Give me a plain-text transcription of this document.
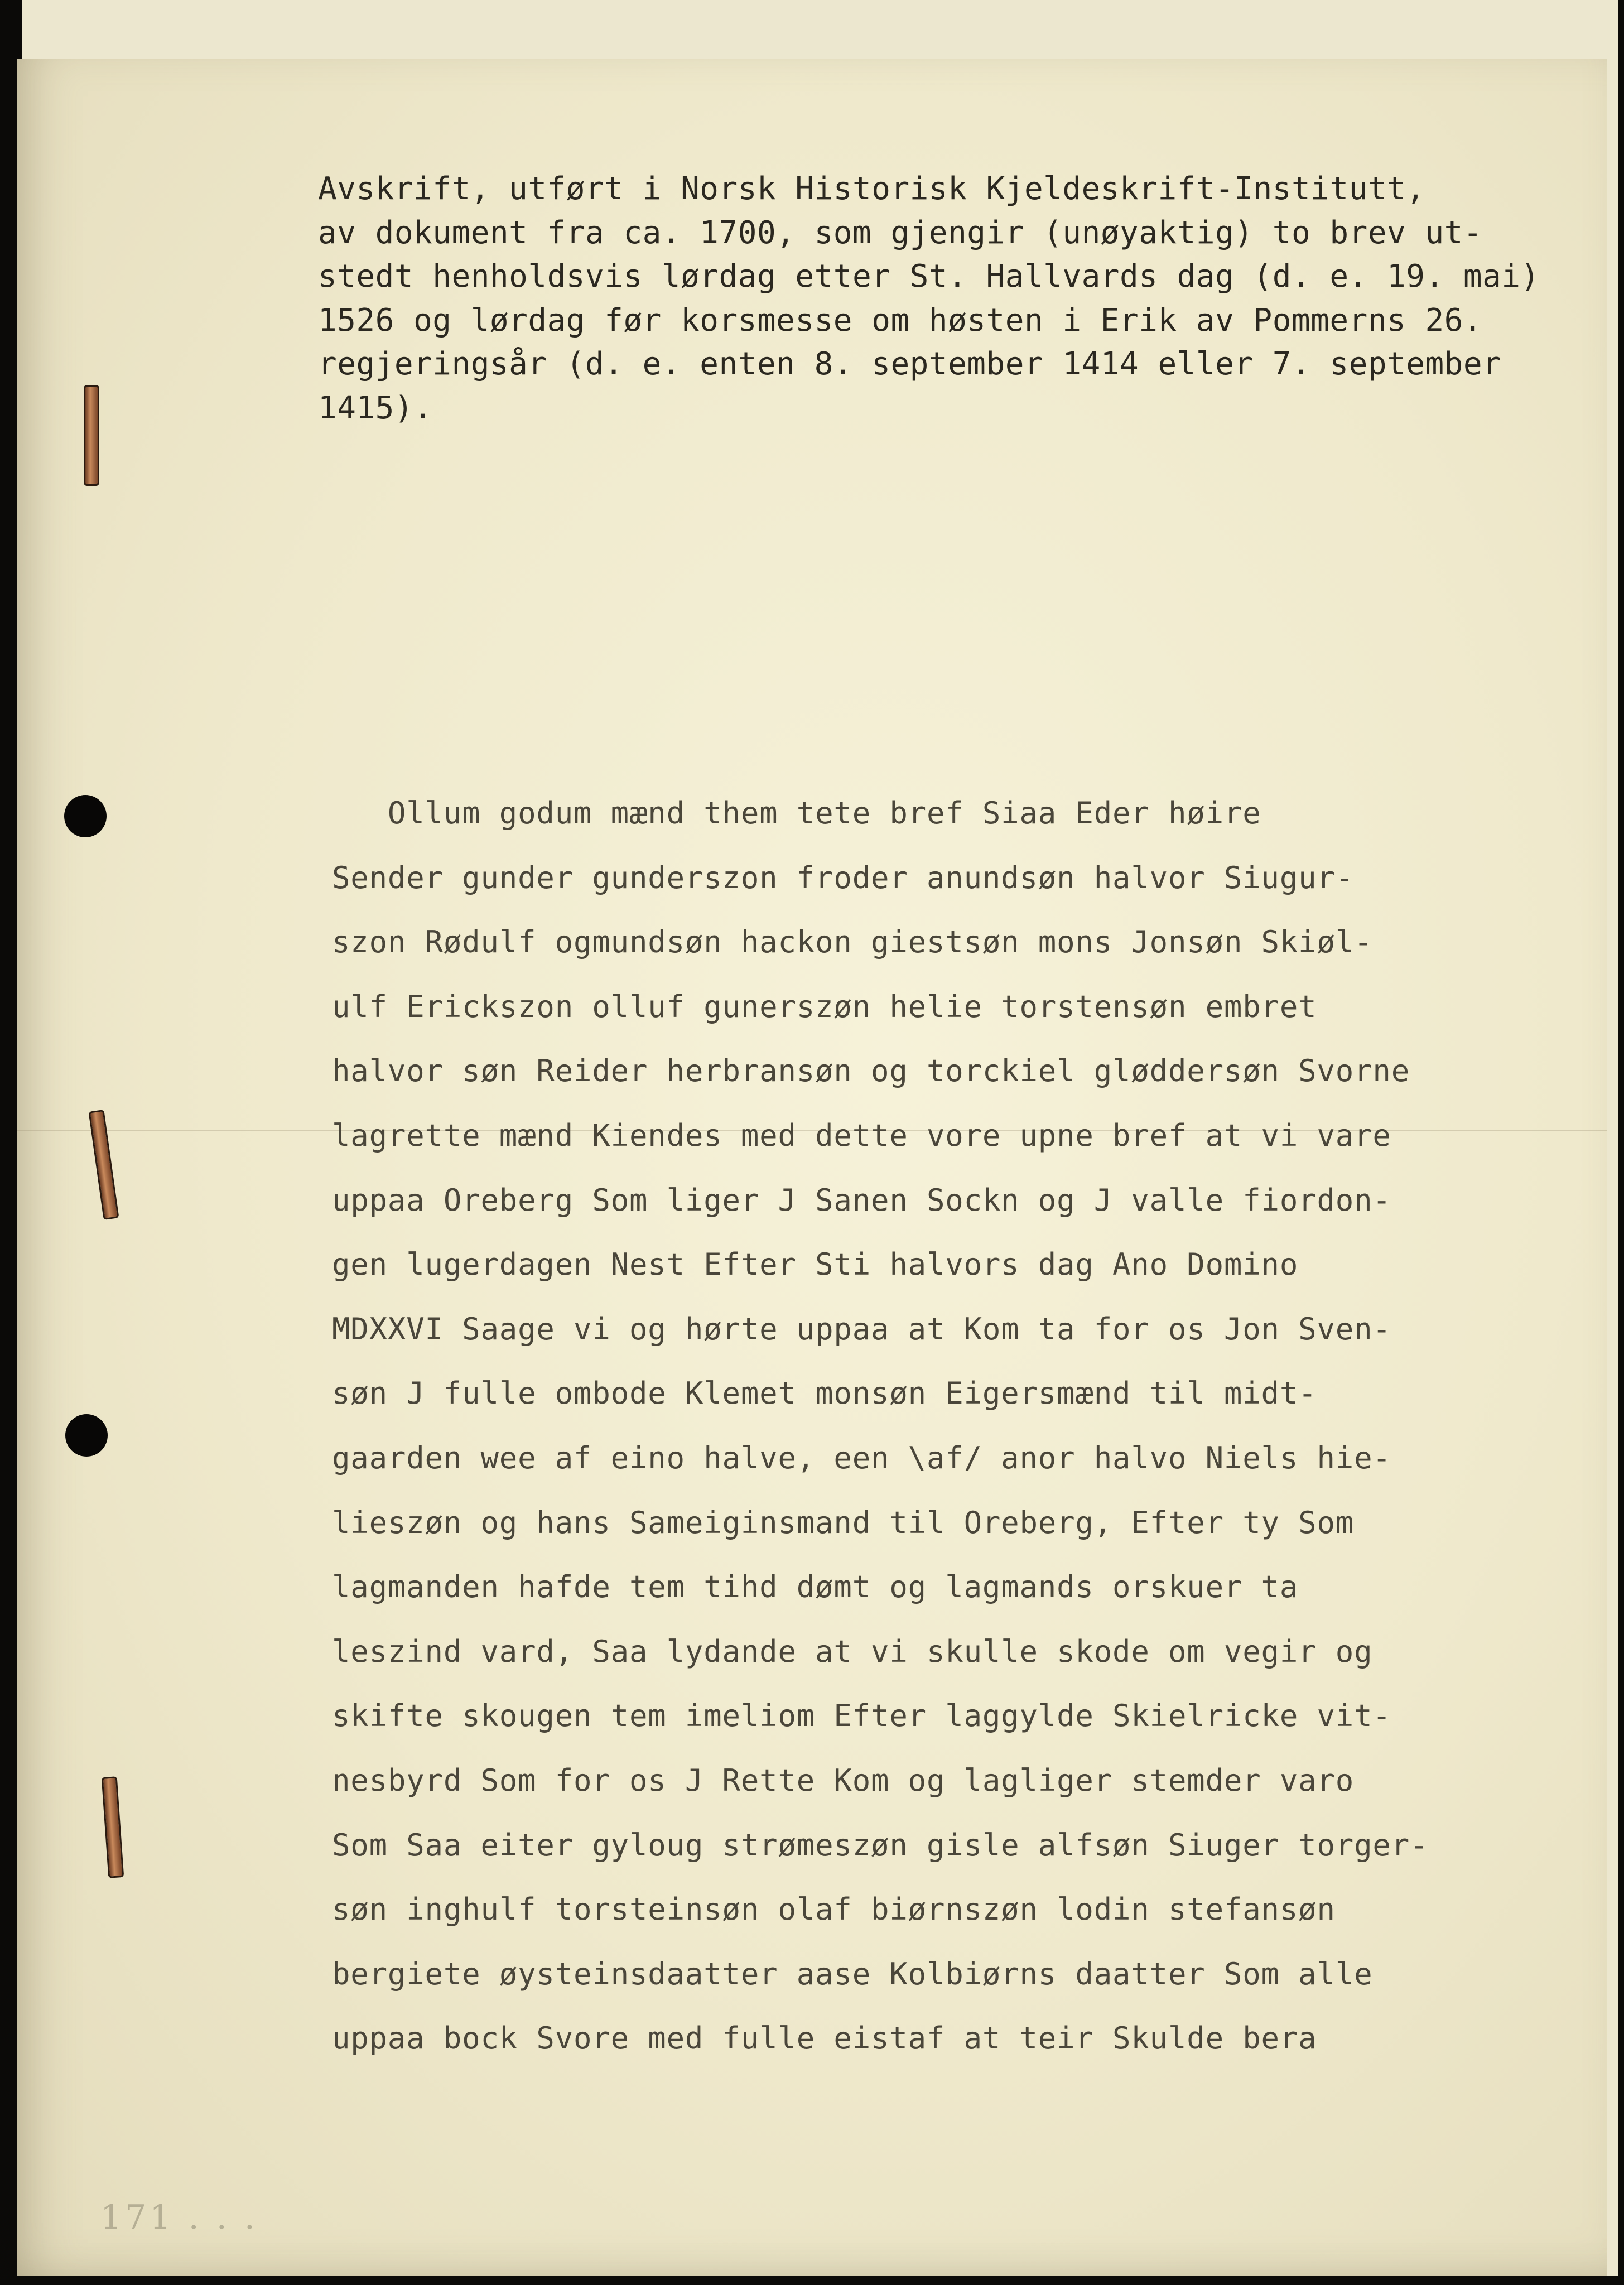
Avskrift, utført i Norsk Historisk Kjeldeskrift-Institutt,
av dokument fra ca. 1700, som gjengir (unøyaktig) to brev ut-
stedt henholdsvis lørdag etter St. Hallvards dag (d. e. 19. mai)
1526 og lørdag før korsmesse om høsten i Erik av Pommerns 26.
regjeringsår (d. e. enten 8. september 1414 eller 7. september
1415).
Ollum godum mænd them tete bref Siaa Eder høire
Sender gunder gunderszon froder anundsøn halvor Siugur-
szon Rødulf ogmundsøn hackon giestsøn mons Jonsøn Skiøl-
ulf Erickszon olluf gunerszøn helie torstensøn embret
halvor søn Reider herbransøn og torckiel gløddersøn Svorne
lagrette mænd Kiendes med dette vore upne bref at vi vare
uppaa Oreberg Som liger J Sanen Sockn og J valle fiordon-
gen lugerdagen Nest Efter Sti halvors dag Ano Domino
MDXXVI Saage vi og hørte uppaa at Kom ta for os Jon Sven-
søn J fulle ombode Klemet monsøn Eigersmænd til midt-
gaarden wee af eino halve, een \af/ anor halvo Niels hie-
lieszøn og hans Sameiginsmand til Oreberg, Efter ty Som
lagmanden hafde tem tihd dømt og lagmands orskuer ta
leszind vard, Saa lydande at vi skulle skode om vegir og
skifte skougen tem imeliom Efter laggylde Skielricke vit-
nesbyrd Som for os J Rette Kom og lagliger stemder varo
Som Saa eiter gyloug strømeszøn gisle alfsøn Siuger torger-
søn inghulf torsteinsøn olaf biørnszøn lodin stefansøn
bergiete øysteinsdaatter aase Kolbiørns daatter Som alle
uppaa bock Svore med fulle eistaf at teir Skulde bera
171 . . .
